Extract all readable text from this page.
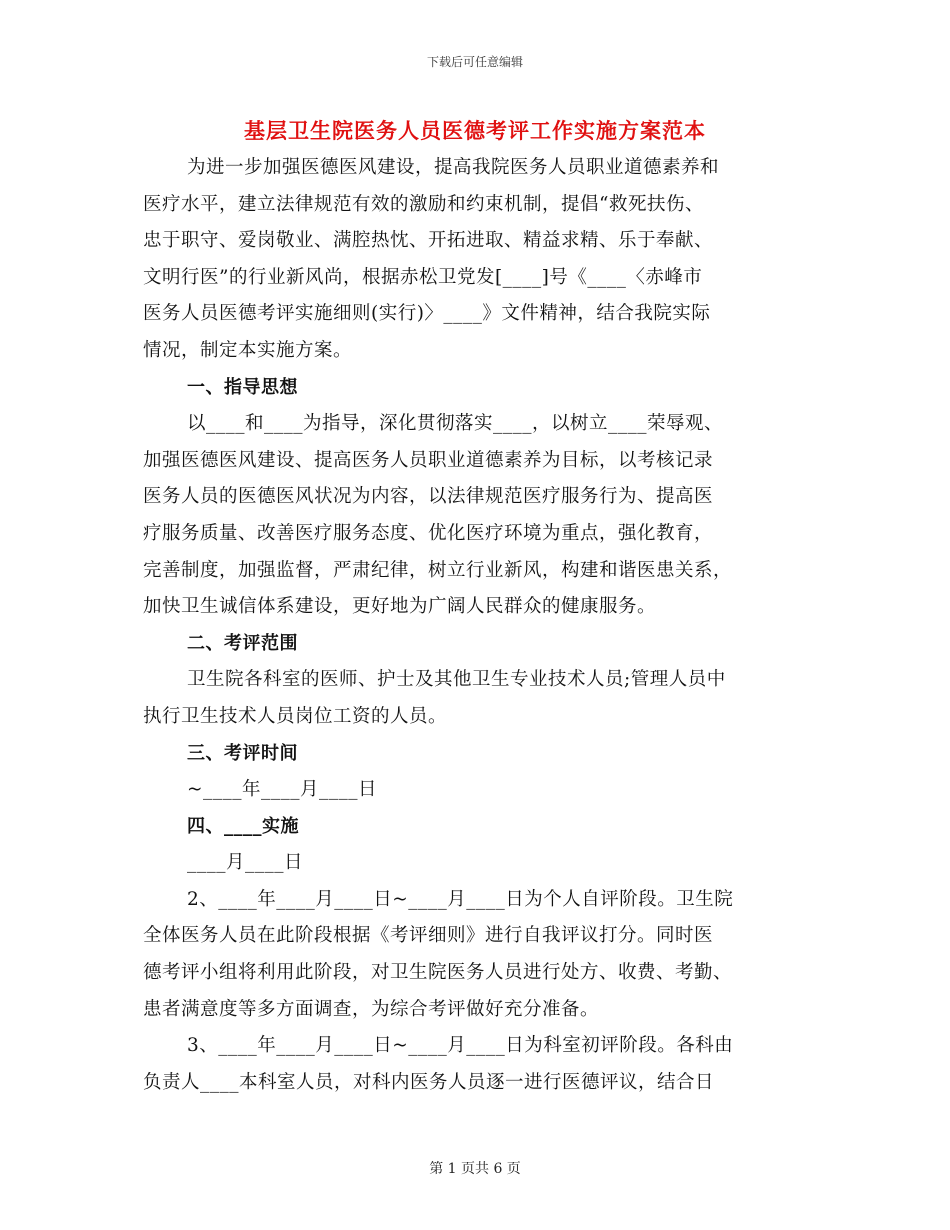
下载后可任意编辑
基层卫生院医务人员医德考评工作实施方案范本
为进一步加强医德医风建设，提高我院医务人员职业道德素养和
医疗水平，建立法律规范有效的激励和约束机制，提倡“救死扶伤、
忠于职守、爱岗敬业、满腔热忱、开拓进取、精益求精、乐于奉献、
文明行医”的行业新风尚，根据赤松卫党发[____]号《____〈赤峰市
医务人员医德考评实施细则(实行)〉____》文件精神，结合我院实际
情况，制定本实施方案。
一、指导思想
以____和____为指导，深化贯彻落实____，以树立____荣辱观、
加强医德医风建设、提高医务人员职业道德素养为目标，以考核记录
医务人员的医德医风状况为内容，以法律规范医疗服务行为、提高医
疗服务质量、改善医疗服务态度、优化医疗环境为重点，强化教育，
完善制度，加强监督，严肃纪律，树立行业新风，构建和谐医患关系，
加快卫生诚信体系建设，更好地为广阔人民群众的健康服务。
二、考评范围
卫生院各科室的医师、护士及其他卫生专业技术人员;管理人员中
执行卫生技术人员岗位工资的人员。
三、考评时间
~____年____月____日
四、____实施
____月____日
2、____年____月____日~____月____日为个人自评阶段。卫生院
全体医务人员在此阶段根据《考评细则》进行自我评议打分。同时医
德考评小组将利用此阶段，对卫生院医务人员进行处方、收费、考勤、
患者满意度等多方面调查，为综合考评做好充分准备。
3、____年____月____日~____月____日为科室初评阶段。各科由
负责人____本科室人员，对科内医务人员逐一进行医德评议，结合日
第 1 页共 6 页
